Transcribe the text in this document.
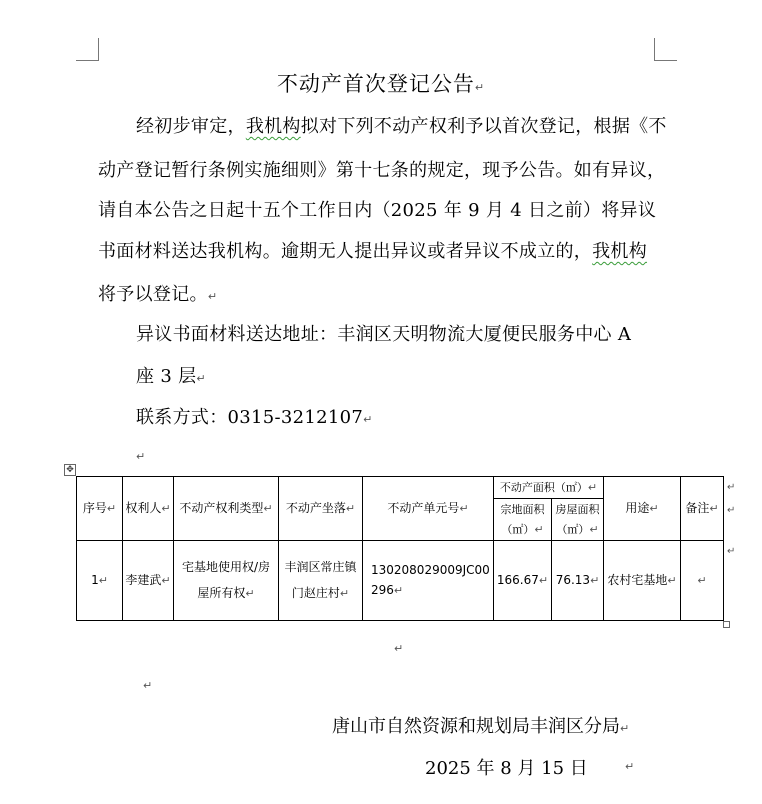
不动产首次登记公告↵
经初步审定，我机构拟对下列不动产权利予以首次登记，根据《不
动产登记暂行条例实施细则》第十七条的规定，现予公告。如有异议，
请自本公告之日起十五个工作日内（2025 年 9 月 4 日之前）将异议
书面材料送达我机构。逾期无人提出异议或者异议不成立的，我机构
将予以登记。↵
异议书面材料送达地址：丰润区天明物流大厦便民服务中心 A
座 3 层↵
联系方式：0315-3212107↵
↵
✥
序号↵	权利人↵	不动产权利类型↵	不动产坐落↵	不动产单元号↵	不动产面积（㎡）↵		用途↵	备注↵
					宗地面积（㎡）↵	房屋面积（㎡）↵		
1↵	李建武↵	宅基地使用权/房屋所有权↵	丰润区常庄镇门赵庄村↵	130208029009JC00296↵	166.67↵	76.13↵	农村宅基地↵	↵
↵
↵
↵
↵
↵
唐山市自然资源和规划局丰润区分局↵
2025 年 8 月 15 日	↵
